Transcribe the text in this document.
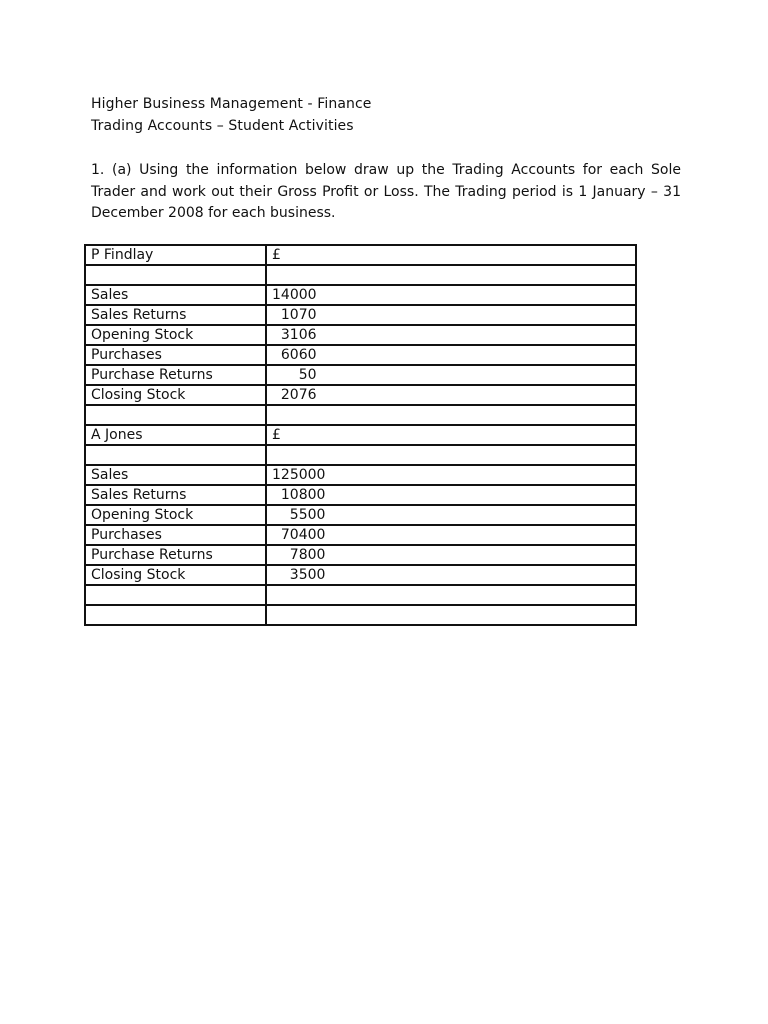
Higher Business Management - Finance
Trading Accounts – Student Activities

1. (a) Using the information below draw up the Trading Accounts for each Sole Trader and work out their Gross Profit or Loss. The Trading period is 1 January – 31 December 2008 for each business.

P Findlay	£

Sales	14000
Sales Returns	1070
Opening Stock	3106
Purchases	6060
Purchase Returns	50
Closing Stock	2076

A Jones	£

Sales	125000
Sales Returns	10800
Opening Stock	5500
Purchases	70400
Purchase Returns	7800
Closing Stock	3500
